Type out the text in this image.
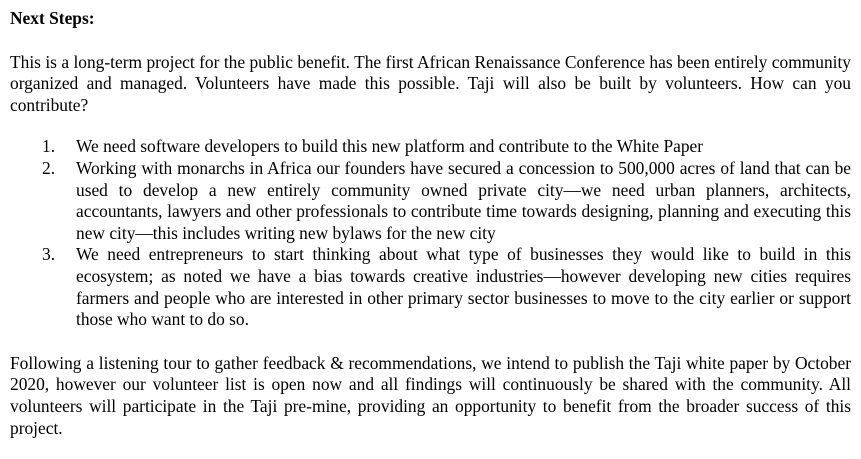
Next Steps:

This is a long-term project for the public benefit. The first African Renaissance Conference has been entirely community organized and managed. Volunteers have made this possible. Taji will also be built by volunteers. How can you contribute?

1.	We need software developers to build this new platform and contribute to the White Paper
2.	Working with monarchs in Africa our founders have secured a concession to 500,000 acres of land that can be used to develop a new entirely community owned private city—we need urban planners, architects, accountants, lawyers and other professionals to contribute time towards designing, planning and executing this new city—this includes writing new bylaws for the new city
3.	We need entrepreneurs to start thinking about what type of businesses they would like to build in this ecosystem; as noted we have a bias towards creative industries—however developing new cities requires farmers and people who are interested in other primary sector businesses to move to the city earlier or support those who want to do so.

Following a listening tour to gather feedback & recommendations, we intend to publish the Taji white paper by October 2020, however our volunteer list is open now and all findings will continuously be shared with the community. All volunteers will participate in the Taji pre-mine, providing an opportunity to benefit from the broader success of this project.
